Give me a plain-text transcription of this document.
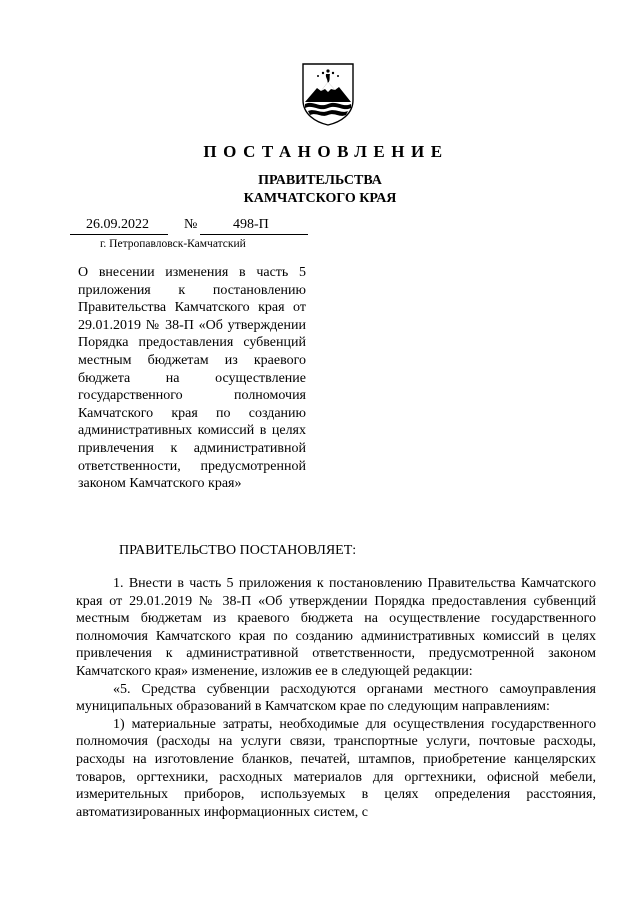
ПОСТАНОВЛЕНИЕ
ПРАВИТЕЛЬСТВА
КАМЧАТСКОГО КРАЯ
26.09.2022	№	498-П
г. Петропавловск-Камчатский

О внесении изменения в часть 5 приложения к постановлению Правительства Камчатского края от 29.01.2019 № 38-П «Об утверждении Порядка предоставления субвенций местным бюджетам из краевого бюджета на осуществление государственного полномочия Камчатского края по созданию административных комиссий в целях привлечения к административной ответственности, предусмотренной законом Камчатского края»

ПРАВИТЕЛЬСТВО ПОСТАНОВЛЯЕТ:

1. Внести в часть 5 приложения к постановлению Правительства Камчатского края от 29.01.2019 № 38-П «Об утверждении Порядка предоставления субвенций местным бюджетам из краевого бюджета на осуществление государственного полномочия Камчатского края по созданию административных комиссий в целях привлечения к административной ответственности, предусмотренной законом Камчатского края» изменение, изложив ее в следующей редакции:

«5. Средства субвенции расходуются органами местного самоуправления муниципальных образований в Камчатском крае по следующим направлениям:

1) материальные затраты, необходимые для осуществления государственного полномочия (расходы на услуги связи, транспортные услуги, почтовые расходы, расходы на изготовление бланков, печатей, штампов, приобретение канцелярских товаров, оргтехники, расходных материалов для оргтехники, офисной мебели, измерительных приборов, используемых в целях определения расстояния, автоматизированных информационных систем, с
